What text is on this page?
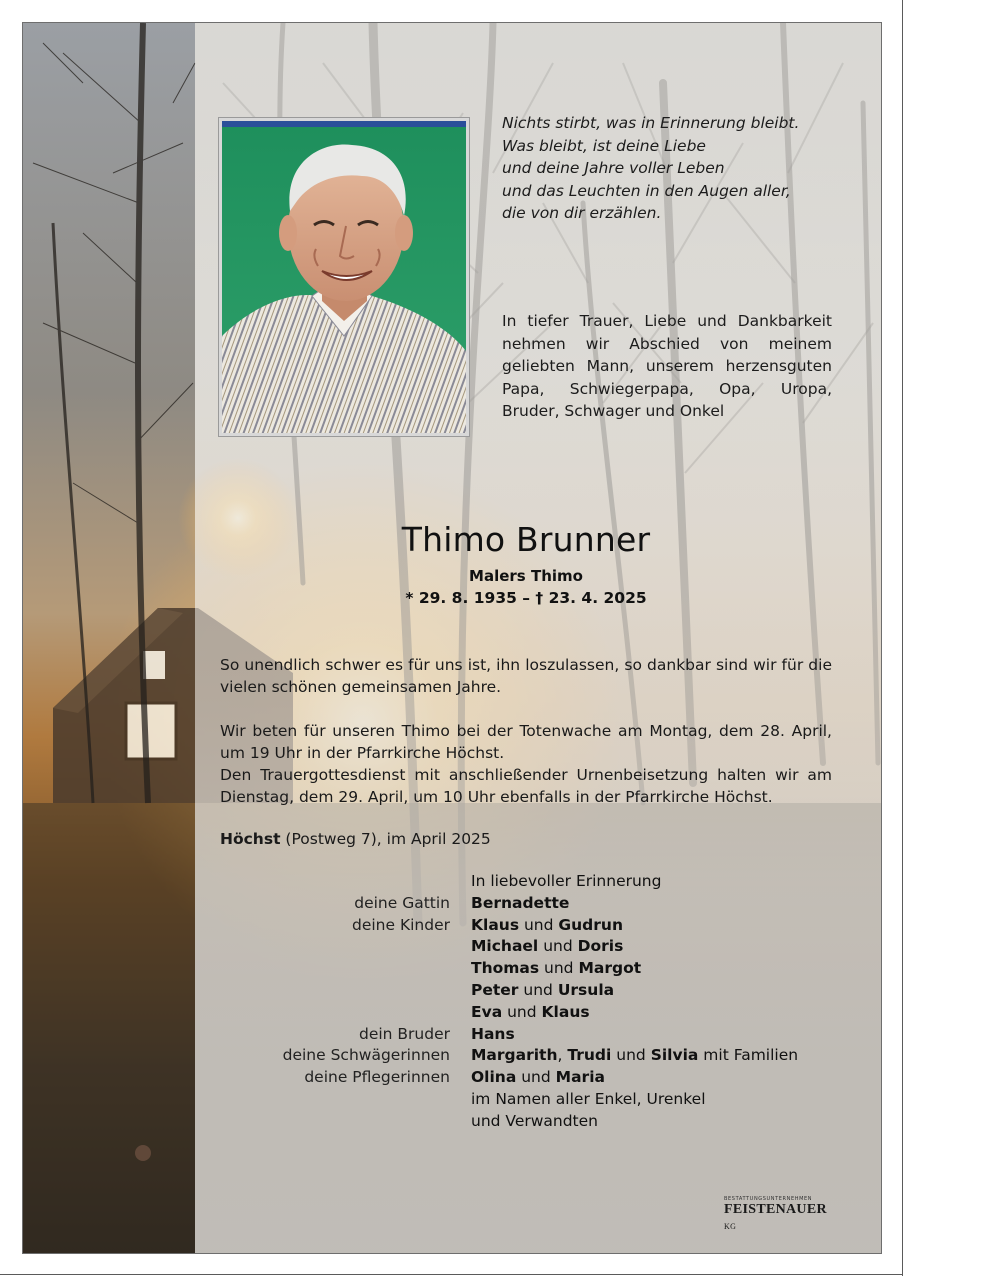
Nichts stirbt, was in Erinnerung bleibt.
Was bleibt, ist deine Liebe
und deine Jahre voller Leben
und das Leuchten in den Augen aller,
die von dir erzählen.
In tiefer Trauer, Liebe und Dankbarkeit nehmen wir Abschied von meinem geliebten Mann, unserem herzensguten Papa, Schwiegerpapa, Opa, Uropa, Bruder, Schwager und Onkel
Thimo Brunner
Malers Thimo
* 29. 8. 1935 – † 23. 4. 2025
So unendlich schwer es für uns ist, ihn loszulassen, so dankbar sind wir für die vielen schönen gemeinsamen Jahre.
Wir beten für unseren Thimo bei der Totenwache am Montag, dem 28. April, um 19 Uhr in der Pfarrkirche Höchst.
Den Trauergottesdienst mit anschließender Urnenbeisetzung halten wir am Dienstag, dem 29. April, um 10 Uhr ebenfalls in der Pfarrkirche Höchst.
Höchst (Postweg 7), im April 2025
In liebevoller Erinnerung
deine Gattin	Bernadette
deine Kinder	Klaus und Gudrun
Michael und Doris
Thomas und Margot
Peter und Ursula
Eva und Klaus
dein Bruder	Hans
deine Schwägerinnen	Margarith, Trudi und Silvia mit Familien
deine Pflegerinnen	Olina und Maria
im Namen aller Enkel, Urenkel
und Verwandten
BESTATTUNGSUNTERNEHMEN
FEISTENAUER KG
